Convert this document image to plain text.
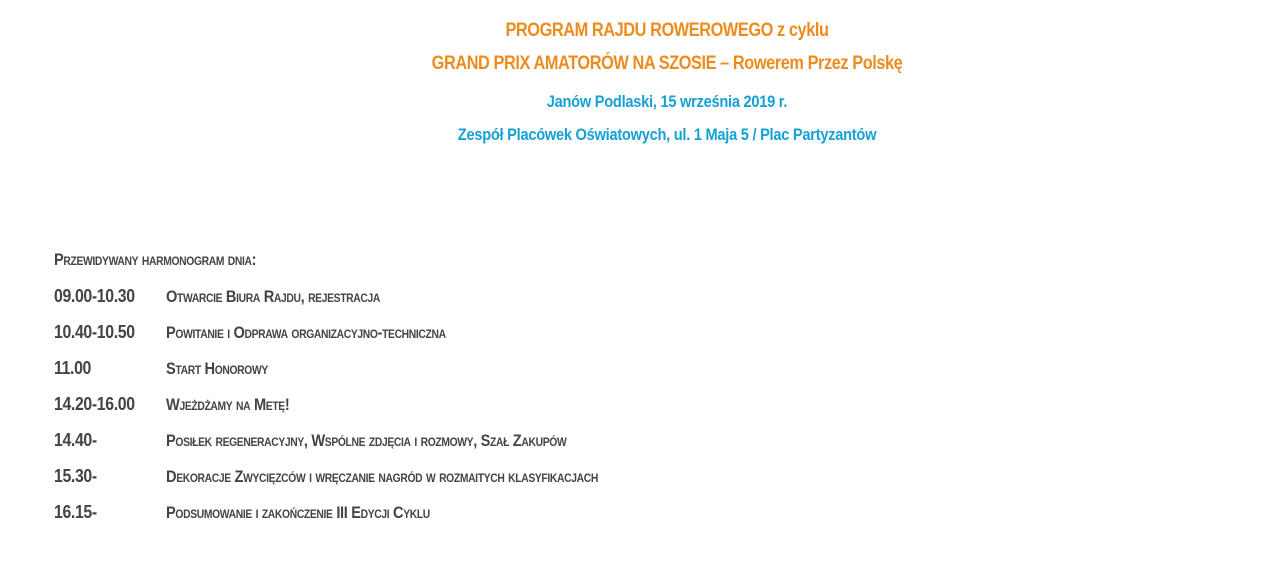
PROGRAM RAJDU ROWEROWEGO z cyklu
GRAND PRIX AMATORÓW NA SZOSIE – Rowerem Przez Polskę
Janów Podlaski, 15 września 2019 r.
Zespół Placówek Oświatowych, ul. 1 Maja 5 / Plac Partyzantów
Przewidywany harmonogram dnia:
09.00-10.30	Otwarcie Biura Rajdu, rejestracja
10.40-10.50	Powitanie i Odprawa organizacyjno-techniczna
11.00	Start Honorowy
14.20-16.00	Wjeżdżamy na Metę!
14.40-	Posiłek regeneracyjny, Wspólne zdjęcia i rozmowy, Szał Zakupów
15.30-	Dekoracje Zwycięzców i wręczanie nagród w rozmaitych klasyfikacjach
16.15-	Podsumowanie i zakończenie III Edycji Cyklu
